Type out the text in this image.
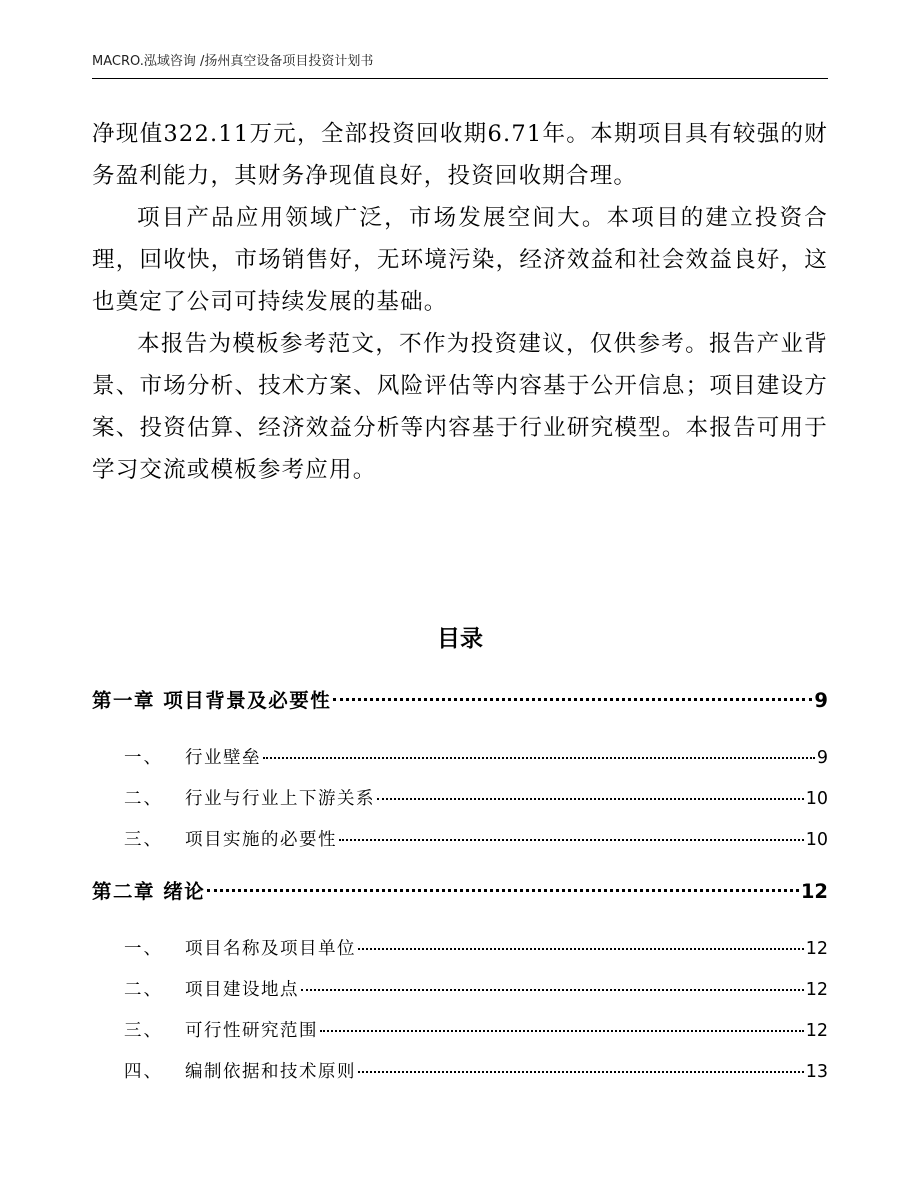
MACRO.泓域咨询 /扬州真空设备项目投资计划书

净现值322.11万元，全部投资回收期6.71年。本期项目具有较强的财务盈利能力，其财务净现值良好，投资回收期合理。

项目产品应用领域广泛，市场发展空间大。本项目的建立投资合理，回收快，市场销售好，无环境污染，经济效益和社会效益良好，这也奠定了公司可持续发展的基础。

本报告为模板参考范文，不作为投资建议，仅供参考。报告产业背景、市场分析、技术方案、风险评估等内容基于公开信息；项目建设方案、投资估算、经济效益分析等内容基于行业研究模型。本报告可用于学习交流或模板参考应用。

目录
第一章 项目背景及必要性	9
一、 行业壁垒	9
二、 行业与行业上下游关系	10
三、 项目实施的必要性	10
第二章 绪论	12
一、 项目名称及项目单位	12
二、 项目建设地点	12
三、 可行性研究范围	12
四、 编制依据和技术原则	13
